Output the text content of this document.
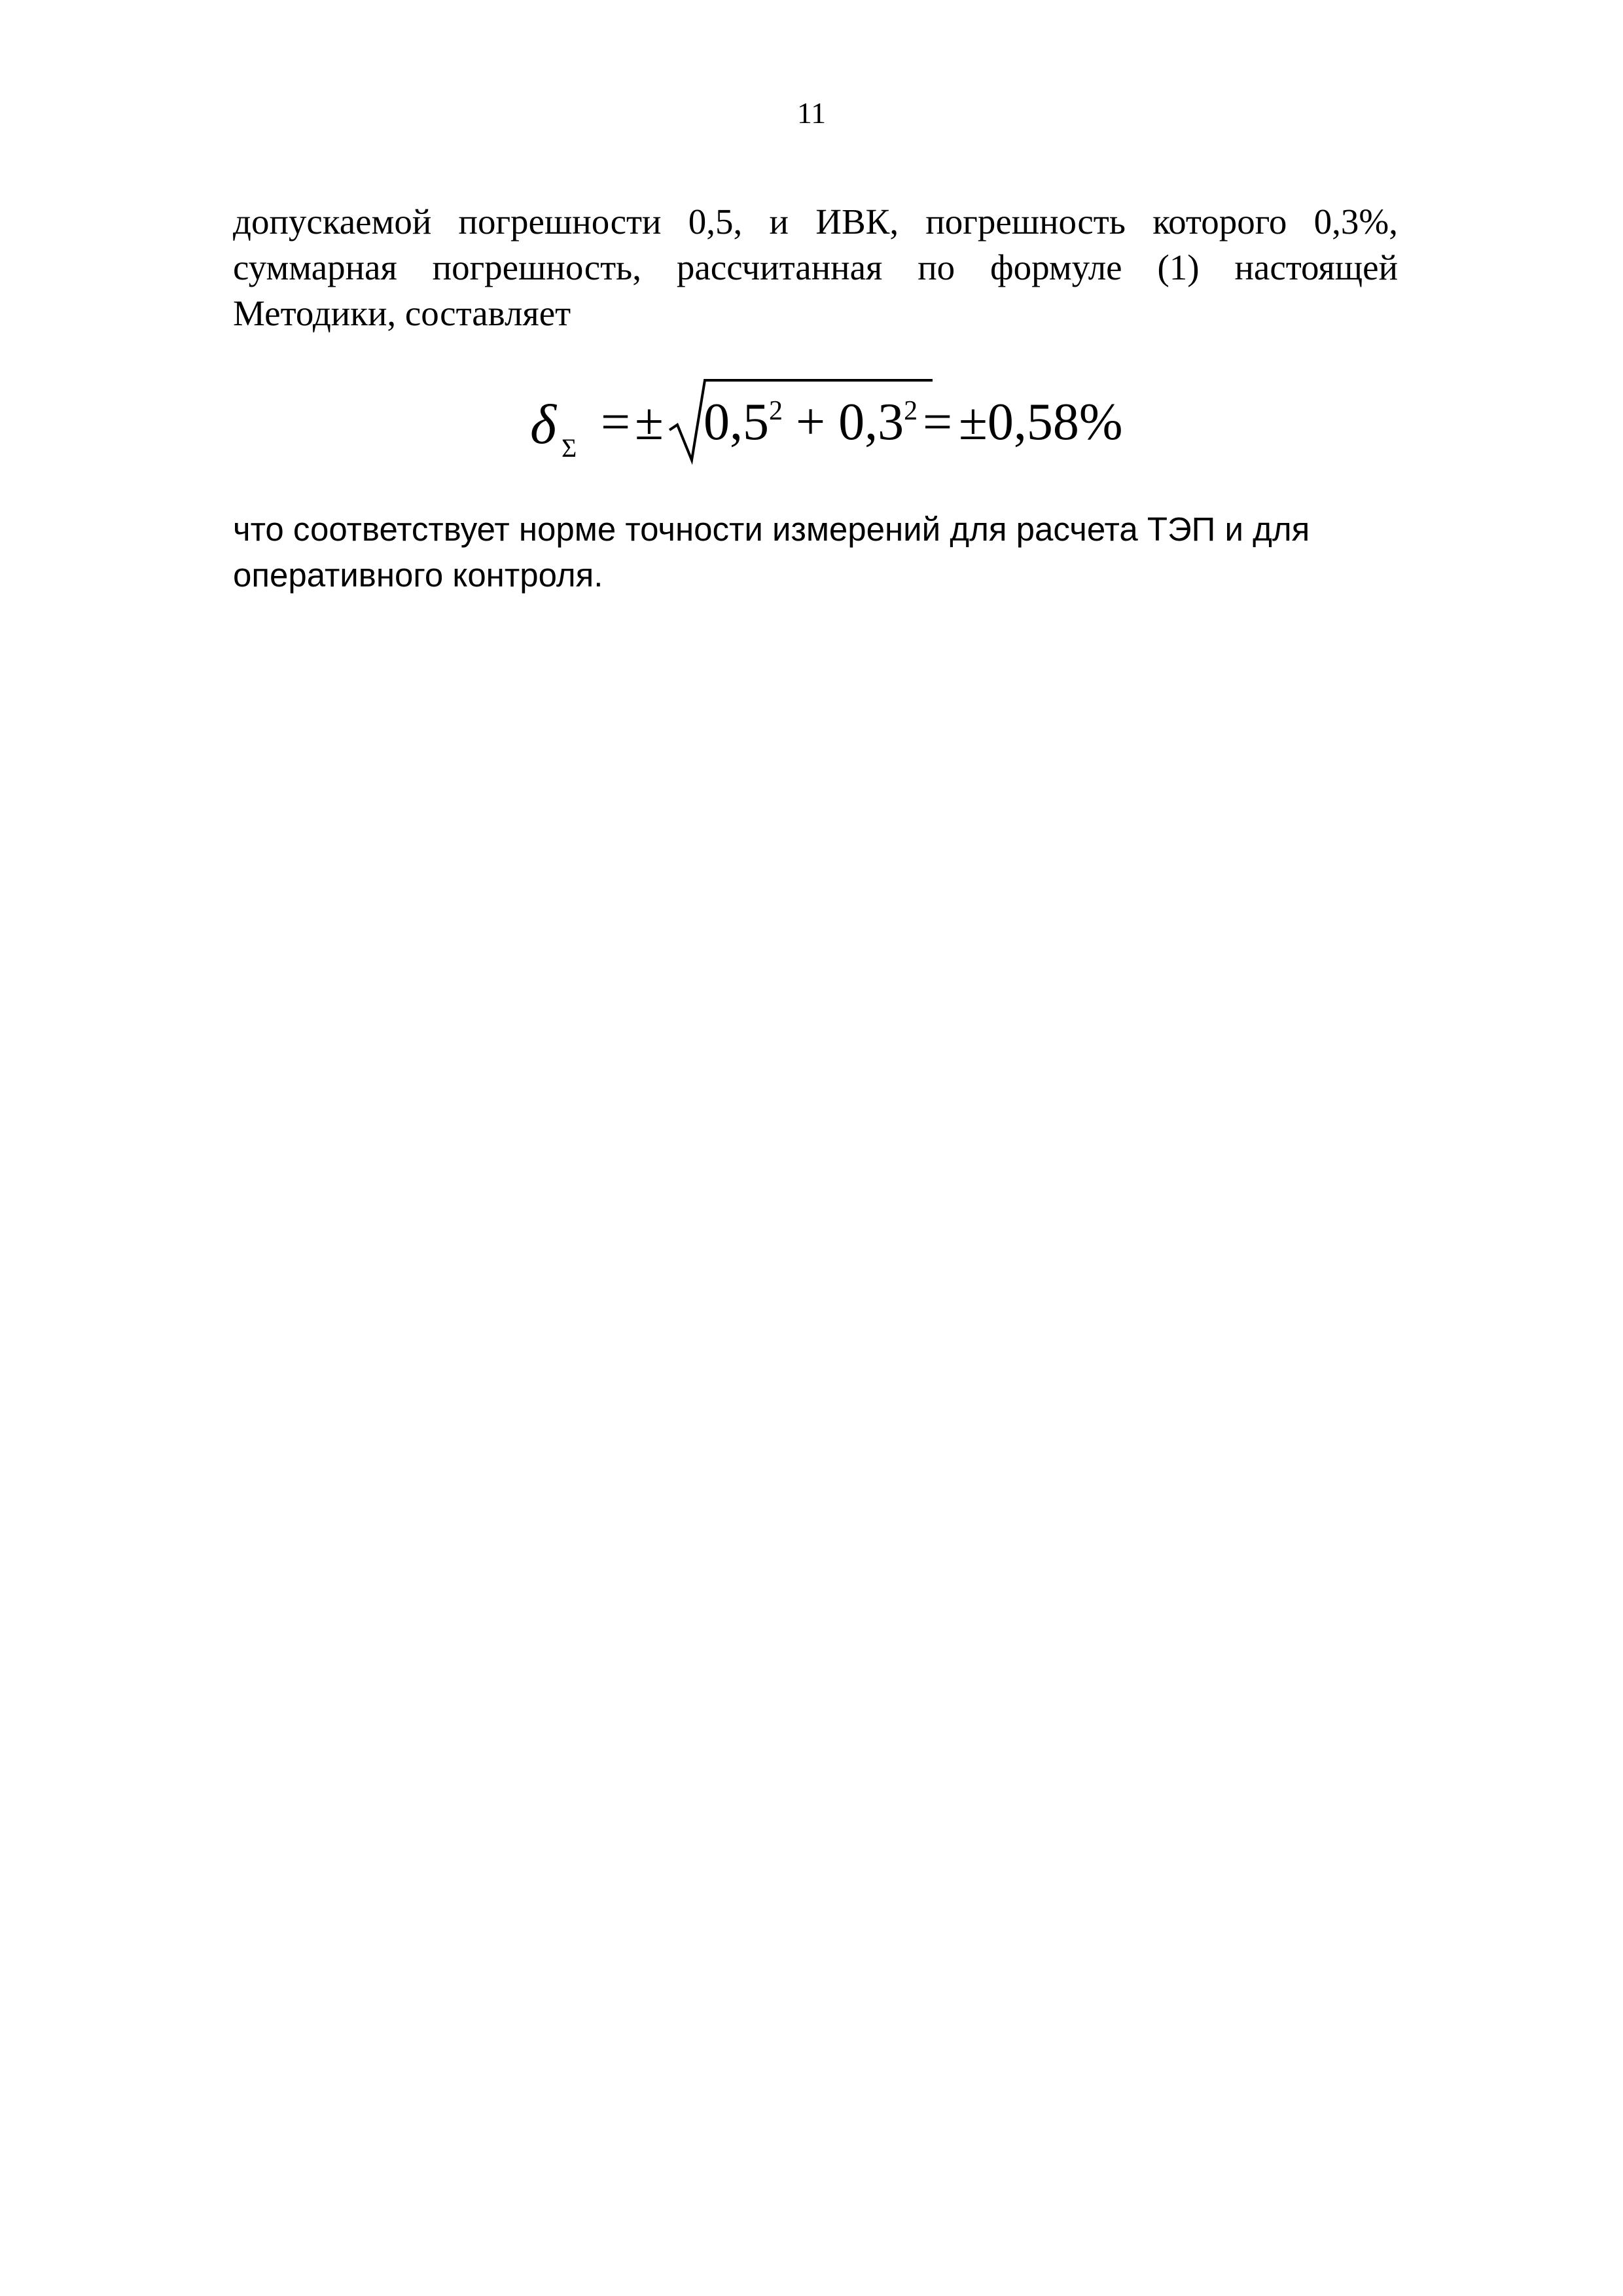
11
допускаемой погрешности 0,5, и ИВК, погрешность которого 0,3%,
суммарная погрешность, рассчитанная по формуле (1) настоящей
Методики, составляет
δ Σ = ± $0,5^2 + 0,3^2 = \pm 0,58\%$
что соответствует норме точности измерений для расчета ТЭП и для
оперативного контроля.
